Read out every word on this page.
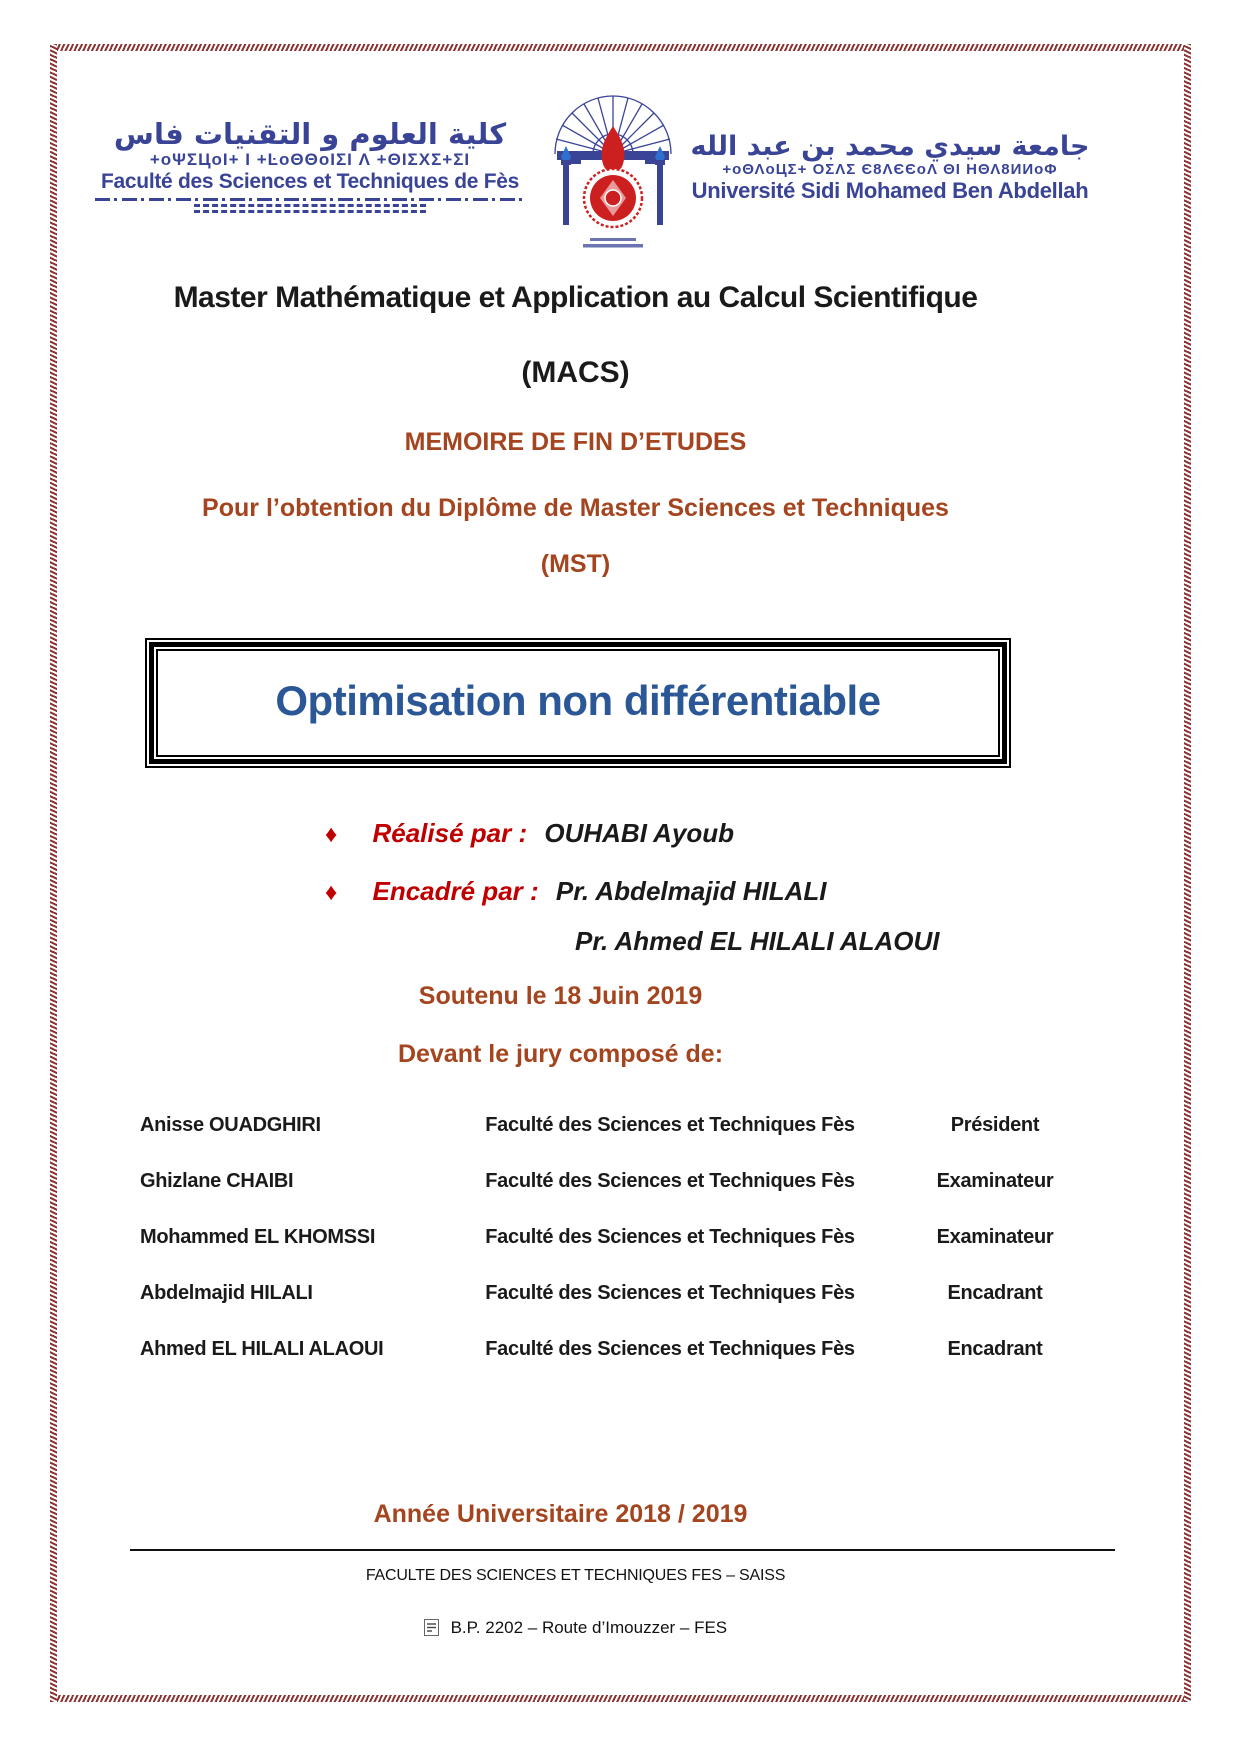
كلية العلوم و التقنيات فاس
+oΨΣЦoI+ I +ĿoΘΘoIΣI Λ +ΘIΣΧΣ+ΣI
Faculté des Sciences et Techniques de Fès
جامعة سيدي محمد بن عبد الله
+oΘΛoЦΣ+ ΟΣΛΣ Є8ΛЄЄoΛ ΘΙ ΗΘΛ8ИИoΦ
Université Sidi Mohamed Ben Abdellah
Master Mathématique et Application au Calcul Scientifique
(MACS)
MEMOIRE DE FIN D’ETUDES
Pour l’obtention du Diplôme de Master Sciences et Techniques
(MST)
Optimisation non différentiable
♦ Réalisé par : OUHABI Ayoub
♦ Encadré par : Pr. Abdelmajid HILALI
Pr. Ahmed EL HILALI ALAOUI
Soutenu le 18 Juin 2019
Devant le jury composé de:
Anisse OUADGHIRI	Faculté des Sciences et Techniques Fès	Président
Ghizlane CHAIBI	Faculté des Sciences et Techniques Fès	Examinateur
Mohammed EL KHOMSSI	Faculté des Sciences et Techniques Fès	Examinateur
Abdelmajid HILALI	Faculté des Sciences et Techniques Fès	Encadrant
Ahmed EL HILALI ALAOUI	Faculté des Sciences et Techniques Fès	Encadrant
Année Universitaire 2018 / 2019
FACULTE DES SCIENCES ET TECHNIQUES FES – SAISS
B.P. 2202 – Route d’Imouzzer – FES
